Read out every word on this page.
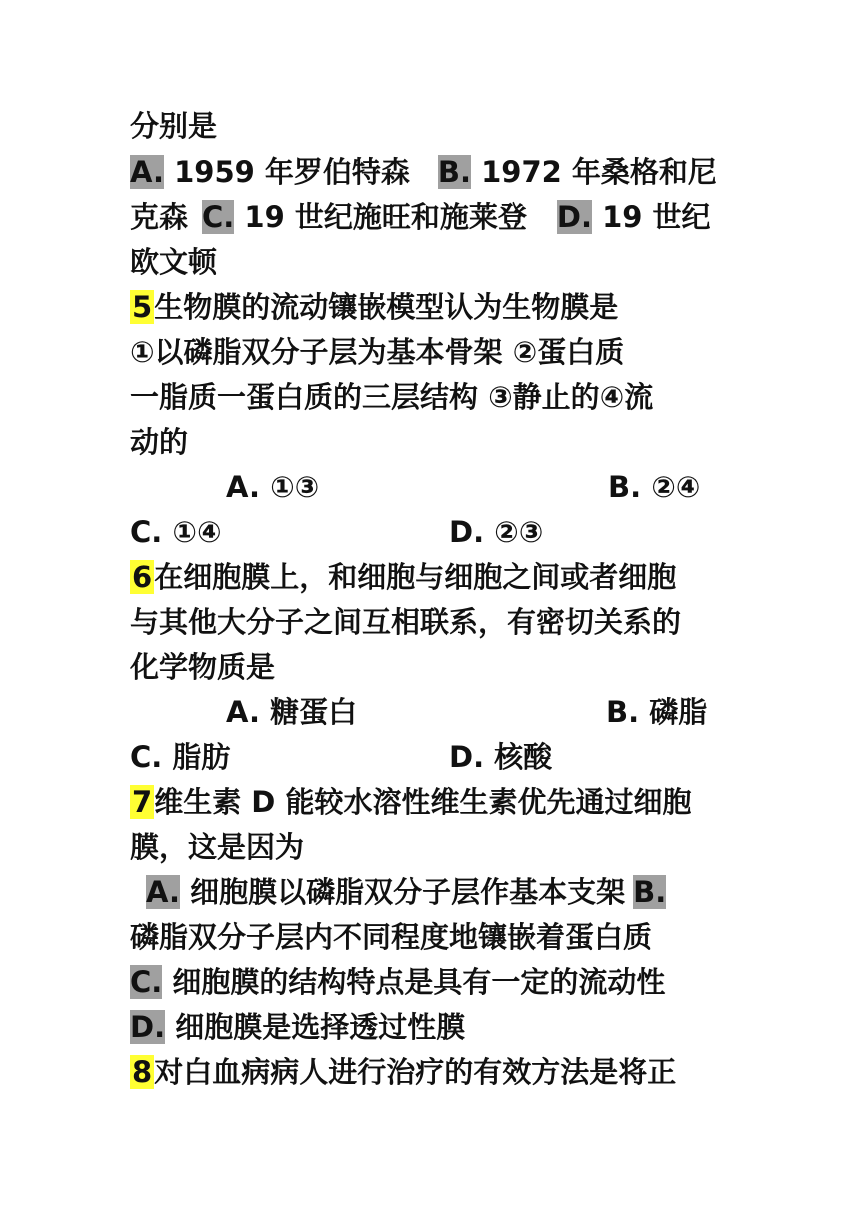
分别是
A. 1959 年罗伯特森 B. 1972 年桑格和尼
克森 C. 19 世纪施旺和施莱登 D. 19 世纪
欧文顿
5生物膜的流动镶嵌模型认为生物膜是
①以磷脂双分子层为基本骨架 ②蛋白质
一脂质一蛋白质的三层结构 ③静止的④流
动的
A. ①③	B. ②④
C. ①④	D. ②③
6在细胞膜上，和细胞与细胞之间或者细胞
与其他大分子之间互相联系，有密切关系的
化学物质是
A. 糖蛋白	B. 磷脂
C. 脂肪	D. 核酸
7维生素 D 能较水溶性维生素优先通过细胞
膜，这是因为
A. 细胞膜以磷脂双分子层作基本支架 B.
磷脂双分子层内不同程度地镶嵌着蛋白质
C. 细胞膜的结构特点是具有一定的流动性
D. 细胞膜是选择透过性膜
8对白血病病人进行治疗的有效方法是将正
